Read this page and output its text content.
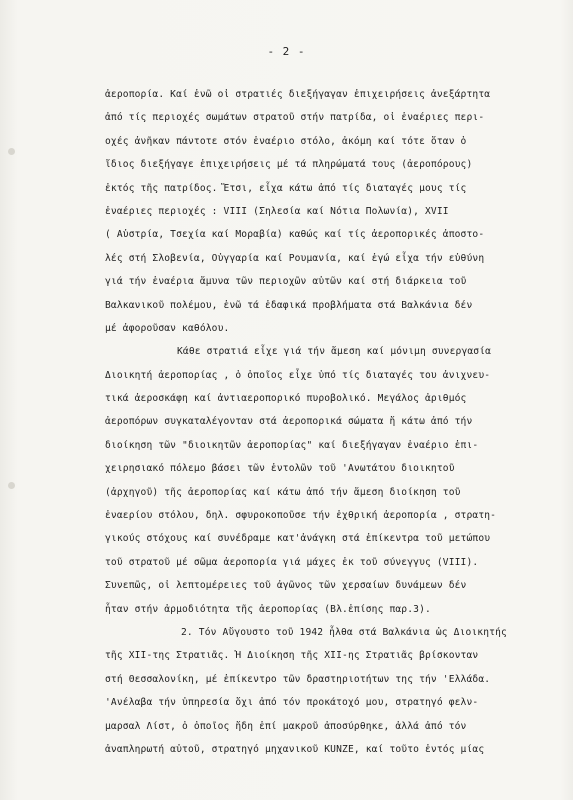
- 2 -
ἀεροπορία. Καί ἐνῶ οἱ στρατιές διεξήγαγαν ἐπιχειρήσεις ἀνεξάρτητα
ἀπό τίς περιοχές σωμάτων στρατοῦ στήν πατρίδα, οἱ ἐναέριες περι-
οχές ἀνῆκαν πάντοτε στόν ἐναέριο στόλο, ἀκόμη καί τότε ὅταν ὁ
ἴδιος διεξήγαγε ἐπιχειρήσεις μέ τά πληρώματά τους (ἀεροπόρους)
ἐκτός τῆς πατρίδος. Ἔτσι, εἶχα κάτω ἀπό τίς διαταγές μους τίς
ἐναέριες περιοχές : VIII (Σηλεσία καί Νότια Πολωνία), XVII
( Αὐστρία, Τσεχία καί Μοραβία) καθώς καί τίς ἀεροπορικές ἀποστο-
λές στή Σλοβενία, Οὑγγαρία καί Ρουμανία, καί ἐγώ εἶχα τήν εὐθύνη
γιά τήν ἐναέρια ἄμυνα τῶν περιοχῶν αὐτῶν καί στή διάρκεια τοῦ
Βαλκανικοῦ πολέμου, ἐνῶ τά ἐδαφικά προβλήματα στά Βαλκάνια δέν
μέ ἀφοροῦσαν καθόλου.
Κάθε στρατιά εἶχε γιά τήν ἄμεση καί μόνιμη συνεργασία
Διοικητή ἀεροπορίας , ὁ ὁποῖος εἶχε ὑπό τίς διαταγές του ἀνιχνευ-
τικά ἀεροσκάφη καί ἀντιαεροπορικό πυροβολικό. Μεγάλος ἀριθμός
ἀεροπόρων συγκαταλέγονταν στά ἀεροπορικά σώματα ἤ κάτω ἀπό τήν
διοίκηση τῶν "διοικητῶν ἀεροπορίας" καί διεξήγαγαν ἐναέριο ἐπι-
χειρησιακό πόλεμο βάσει τῶν ἐντολῶν τοῦ 'Ανωτάτου διοικητοῦ
(ἀρχηγοῦ) τῆς ἀεροπορίας καί κάτω ἀπό τήν ἄμεση διοίκηση τοῦ
ἐναερίου στόλου, δηλ. σφυροκοποῦσε τήν ἐχθρική ἀεροπορία , στρατη-
γικούς στόχους καί συνέδραμε κατ'ἀνάγκη στά ἐπίκεντρα τοῦ μετώπου
τοῦ στρατοῦ μέ σῶμα ἀεροπορία γιά μάχες ἐκ τοῦ σύνεγγυς (VIII).
Συνεπῶς, οἱ λεπτομέρειες τοῦ ἀγῶνος τῶν χερσαίων δυνάμεων δέν
ἦταν στήν ἁρμοδιότητα τῆς ἀεροπορίας (Βλ.ἐπίσης παρ.3).
2. Τόν Αὔγουστο τοῦ 1942 ἦλθα στά Βαλκάνια ὡς Διοικητής
τῆς XII-της Στρατιᾶς. Ἡ Διοίκηση τῆς XII-ης Στρατιᾶς βρίσκονταν
στή Θεσσαλονίκη, μέ ἐπίκεντρο τῶν δραστηριοτήτων της τήν 'Ελλάδα.
'Ανέλαβα τήν ὑπηρεσία ὄχι ἀπό τόν προκάτοχό μου, στρατηγό φελν-
μαρσαλ Λίστ, ὁ ὁποῖος ἤδη ἐπί μακροῦ ἀποσύρθηκε, ἀλλά ἀπό τόν
ἀναπληρωτή αὐτοῦ, στρατηγό μηχανικοῦ KUNZE, καί τοῦτο ἐντός μίας
